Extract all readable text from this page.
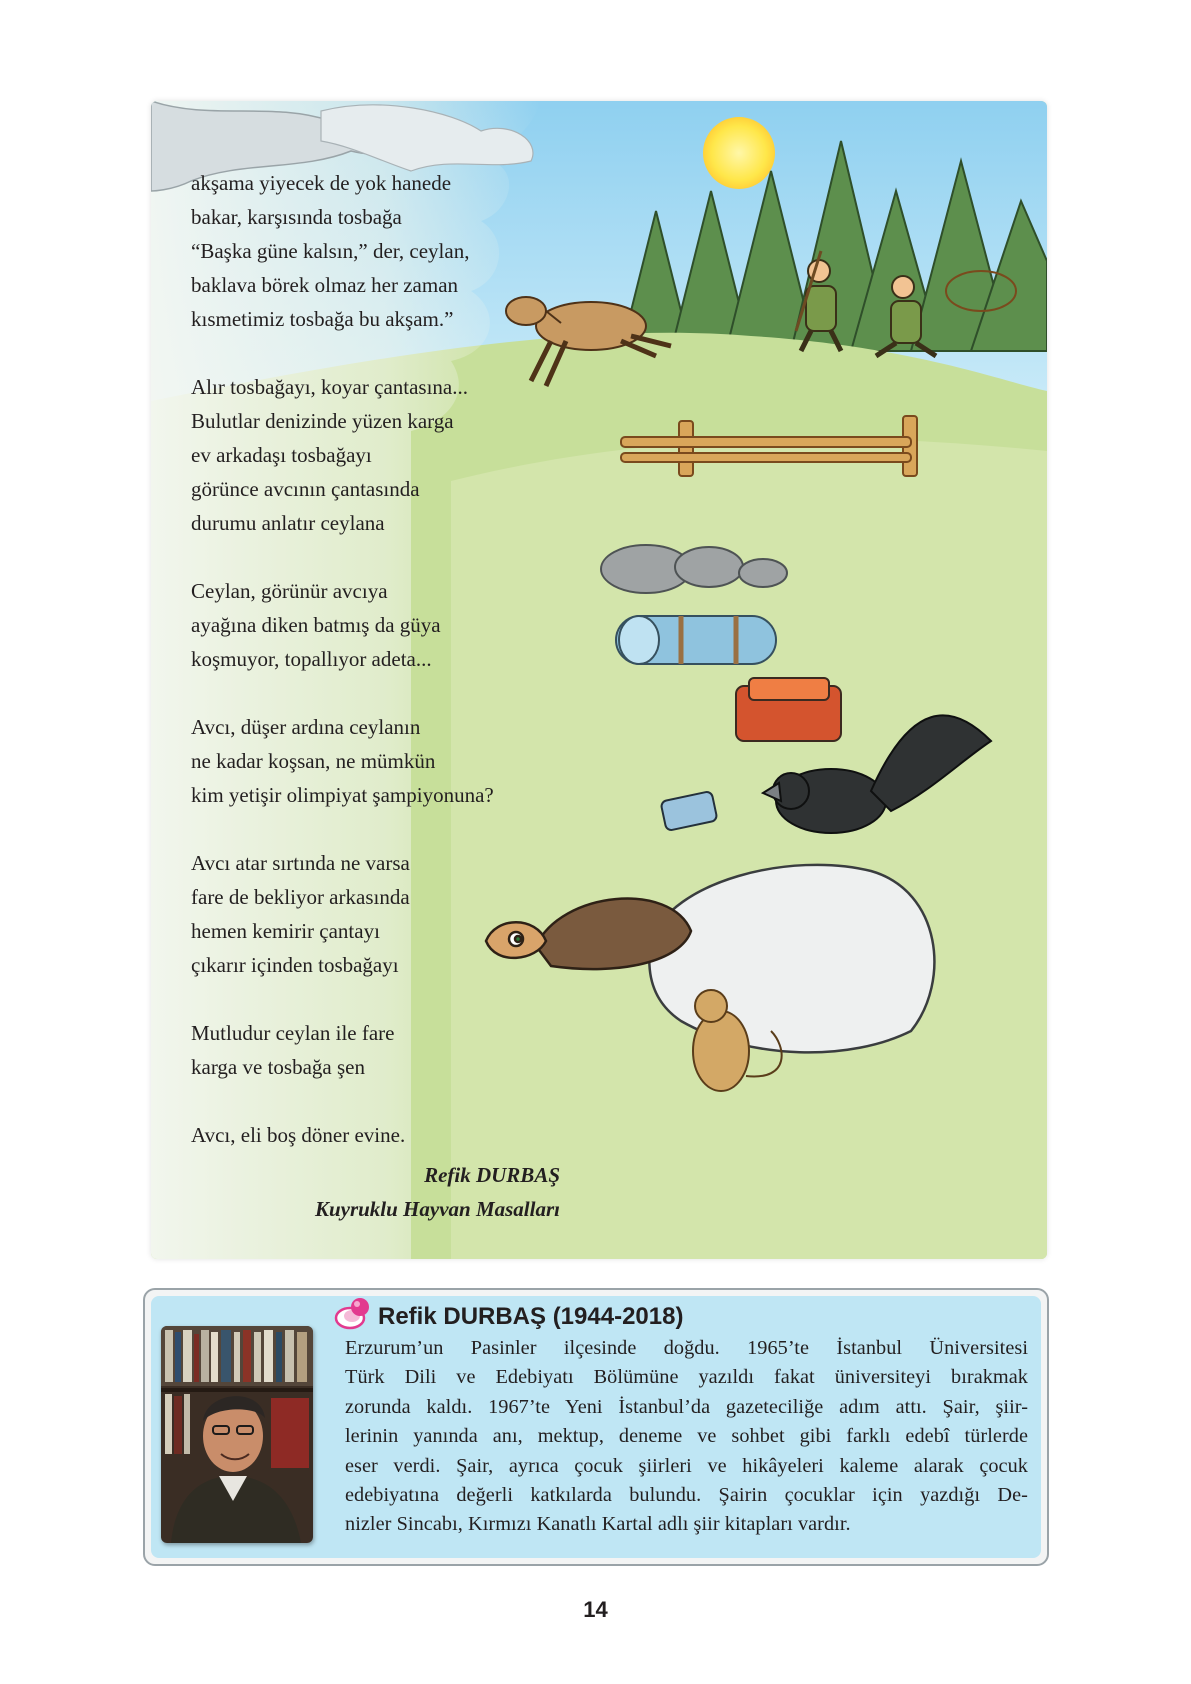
akşama yiyecek de yok hanede
bakar, karşısında tosbağa
“Başka güne kalsın,” der, ceylan,
baklava börek olmaz her zaman
kısmetimiz tosbağa bu akşam.”
Alır tosbağayı, koyar çantasına...
Bulutlar denizinde yüzen karga
ev arkadaşı tosbağayı
görünce avcının çantasında
durumu anlatır ceylana
Ceylan, görünür avcıya
ayağına diken batmış da güya
koşmuyor, topallıyor adeta...
Avcı, düşer ardına ceylanın
ne kadar koşsan, ne mümkün
kim yetişir olimpiyat şampiyonuna?
Avcı atar sırtında ne varsa
fare de bekliyor arkasında
hemen kemirir çantayı
çıkarır içinden tosbağayı
Mutludur ceylan ile fare
karga ve tosbağa şen
Avcı, eli boş döner evine.
Refik DURBAŞ
Kuyruklu Hayvan Masalları
Refik DURBAŞ (1944-2018)
Erzurum’un Pasinler ilçesinde doğdu. 1965’te İstanbul Üniversitesi
Türk Dili ve Edebiyatı Bölümüne yazıldı fakat üniversiteyi bırakmak
zorunda kaldı. 1967’te Yeni İstanbul’da gazeteciliğe adım attı. Şair, şiir-
lerinin yanında anı, mektup, deneme ve sohbet gibi farklı edebî türlerde
eser verdi. Şair, ayrıca çocuk şiirleri ve hikâyeleri kaleme alarak çocuk
edebiyatına değerli katkılarda bulundu. Şairin çocuklar için yazdığı De-
nizler Sincabı, Kırmızı Kanatlı Kartal adlı şiir kitapları vardır.
14
